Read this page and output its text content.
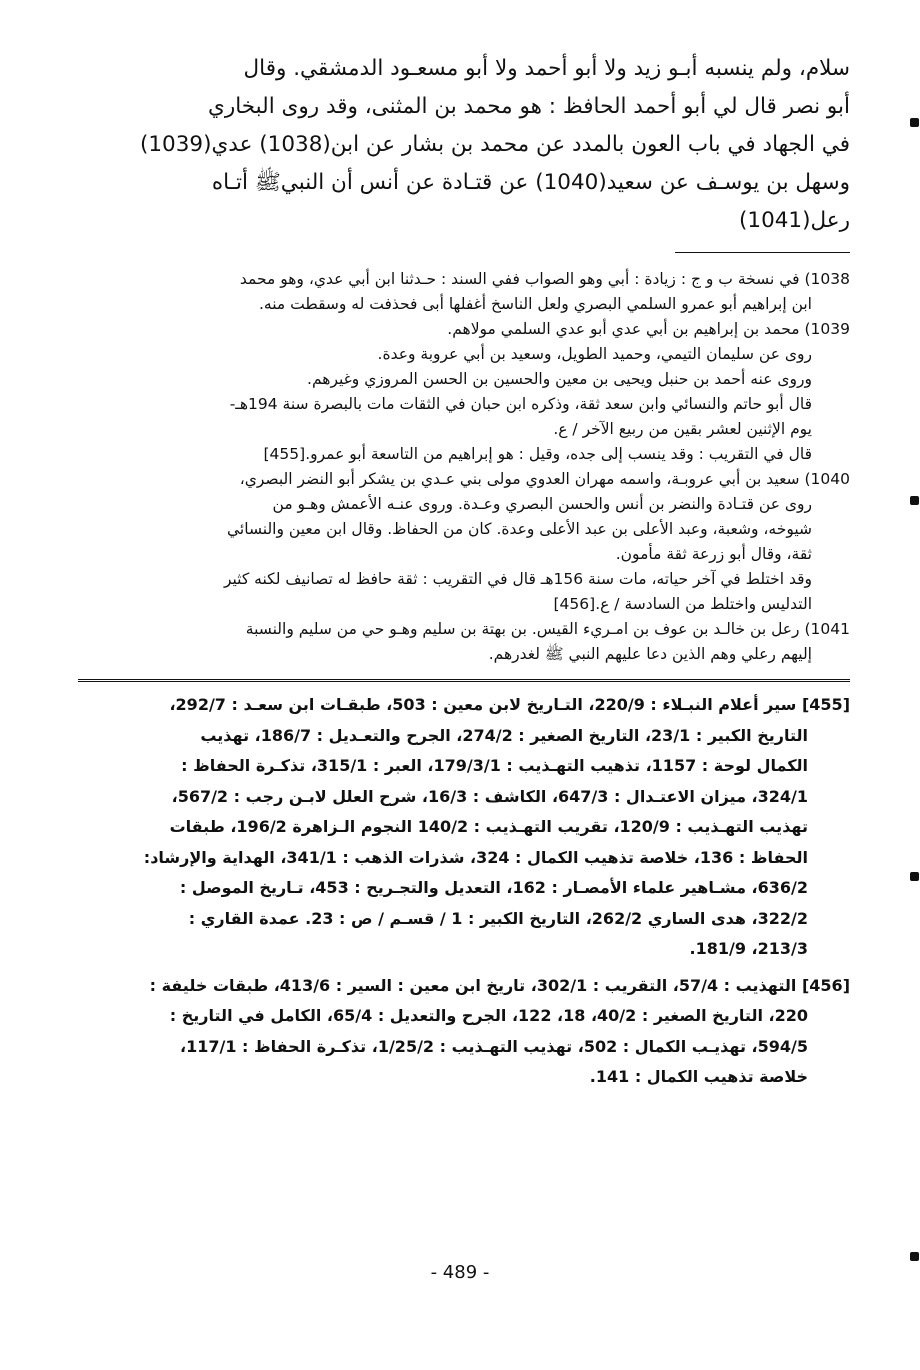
سلام، ولم ينسبه أبـو زيد ولا أبو أحمد ولا أبو مسعـود الدمشقي. وقال

أبو نصر قال لي أبو أحمد الحافظ : هو محمد بن المثنى، وقد روى البخاري

في الجهاد في باب العون بالمدد عن محمد بن بشار عن ابن(1038) عدي(1039)

وسهل بن يوسـف عن سعيد(1040) عن قتـادة عن أنس أن النبيﷺ أتـاه

رعل(1041)

1038) في نسخة ب و ج : زيادة : أبي وهو الصواب ففي السند : حـدثنا ابن أبي عدي، وهو محمد
ابن إبراهيم أبو عمرو السلمي البصري ولعل الناسخ أغفلها أبى فحذفت له وسقطت منه.
1039) محمد بن إبراهيم بن أبي عدي أبو عدي السلمي مولاهم.
روى عن سليمان التيمي، وحميد الطويل، وسعيد بن أبي عروبة وعدة.
وروى عنه أحمد بن حنبل ويحيى بن معين والحسين بن الحسن المروزي وغيرهم.
قال أبو حاتم والنسائي وابن سعد ثقة، وذكره ابن حبان في الثقات مات بالبصرة سنة 194هـ-
يوم الإثنين لعشر بقين من ربيع الآخر / ع.
قال في التقريب : وقد ينسب إلى جده، وقيل : هو إبراهيم من التاسعة أبو عمرو.[455]
1040) سعيد بن أبي عروبـة، واسمه مهران العدوي مولى بني عـدي بن يشكر أبو النضر البصري،
روى عن قتـادة والنضر بن أنس والحسن البصري وعـدة. وروى عنـه الأعمش وهـو من
شيوخه، وشعبة، وعبد الأعلى بن عبد الأعلى وعدة. كان من الحفاظ. وقال ابن معين والنسائي
ثقة، وقال أبو زرعة ثقة مأمون.
وقد اختلط في آخر حياته، مات سنة 156هـ قال في التقريب : ثقة حافظ له تصانيف لكنه كثير
التدليس واختلط من السادسة / ع.[456]
1041) رعل بن خالـد بن عوف بن امـريء القيس. بن بهتة بن سليم وهـو حي من سليم والنسبة
إليهم رعلي وهم الذين دعا عليهم النبي ﷺ لغدرهم.
[455] سير أعلام النبـلاء : 220/9، التـاريخ لابن معين : 503، طبقـات ابن سعـد : 292/7،
التاريخ الكبير : 23/1، التاريخ الصغير : 274/2، الجرح والتعـديل : 186/7، تهذيب
الكمال لوحة : 1157، تذهيب التهـذيب : 179/3/1، العبر : 315/1، تذكـرة الحفاظ :
324/1، ميزان الاعتـدال : 647/3، الكاشف : 16/3، شرح العلل لابـن رجب : 567/2،
تهذيب التهـذيب : 120/9، تقريب التهـذيب : 140/2 النجوم الـزاهرة 196/2، طبقات
الحفاظ : 136، خلاصة تذهيب الكمال : 324، شذرات الذهب : 341/1، الهداية والإرشاد:
636/2، مشـاهير علماء الأمصـار : 162، التعديل والتجـريح : 453، تـاريخ الموصل :
322/2، هدى الساري 262/2، التاريخ الكبير : 1 / قسـم / ص : 23. عمدة القاري :
213/3، 181/9.
[456] التهذيب : 57/4، التقريب : 302/1، تاريخ ابن معين : السير : 413/6، طبقات خليفة :
220، التاريخ الصغير : 40/2، 18، 122، الجرح والتعديل : 65/4، الكامل في التاريخ :
594/5، تهذيـب الكمال : 502، تهذيب التهـذيب : 1/25/2، تذكـرة الحفاظ : 117/1،
خلاصة تذهيب الكمال : 141.
- 489 -
